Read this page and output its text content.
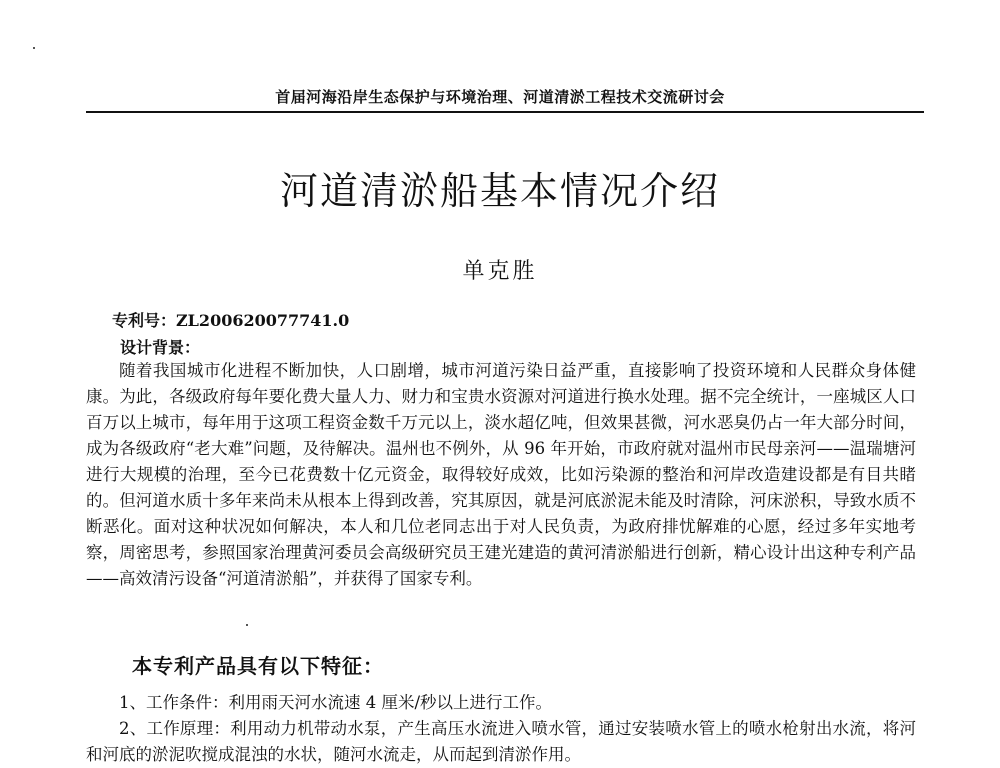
首届河海沿岸生态保护与环境治理、河道清淤工程技术交流研讨会
河道清淤船基本情况介绍
单克胜
专利号：ZL200620077741.0
设计背景：

随着我国城市化进程不断加快，人口剧增，城市河道污染日益严重，直接影响了投资环境和人民群众身体健康。为此，各级政府每年要化费大量人力、财力和宝贵水资源对河道进行换水处理。据不完全统计，一座城区人口百万以上城市，每年用于这项工程资金数千万元以上，淡水超亿吨，但效果甚微，河水恶臭仍占一年大部分时间，成为各级政府“老大难”问题，及待解决。温州也不例外，从 96 年开始，市政府就对温州市民母亲河——温瑞塘河进行大规模的治理，至今已花费数十亿元资金，取得较好成效，比如污染源的整治和河岸改造建设都是有目共睹的。但河道水质十多年来尚未从根本上得到改善，究其原因，就是河底淤泥未能及时清除，河床淤积，导致水质不断恶化。面对这种状况如何解决，本人和几位老同志出于对人民负责，为政府排忧解难的心愿，经过多年实地考察，周密思考，参照国家治理黄河委员会高级研究员王建光建造的黄河清淤船进行创新，精心设计出这种专利产品——高效清污设备“河道清淤船”，并获得了国家专利。

本专利产品具有以下特征：
1、工作条件：利用雨天河水流速 4 厘米/秒以上进行工作。
2、工作原理：利用动力机带动水泵，产生高压水流进入喷水管，通过安装喷水管上的喷水枪射出水流，将河和河底的淤泥吹搅成混浊的水状，随河水流走，从而起到清淤作用。
